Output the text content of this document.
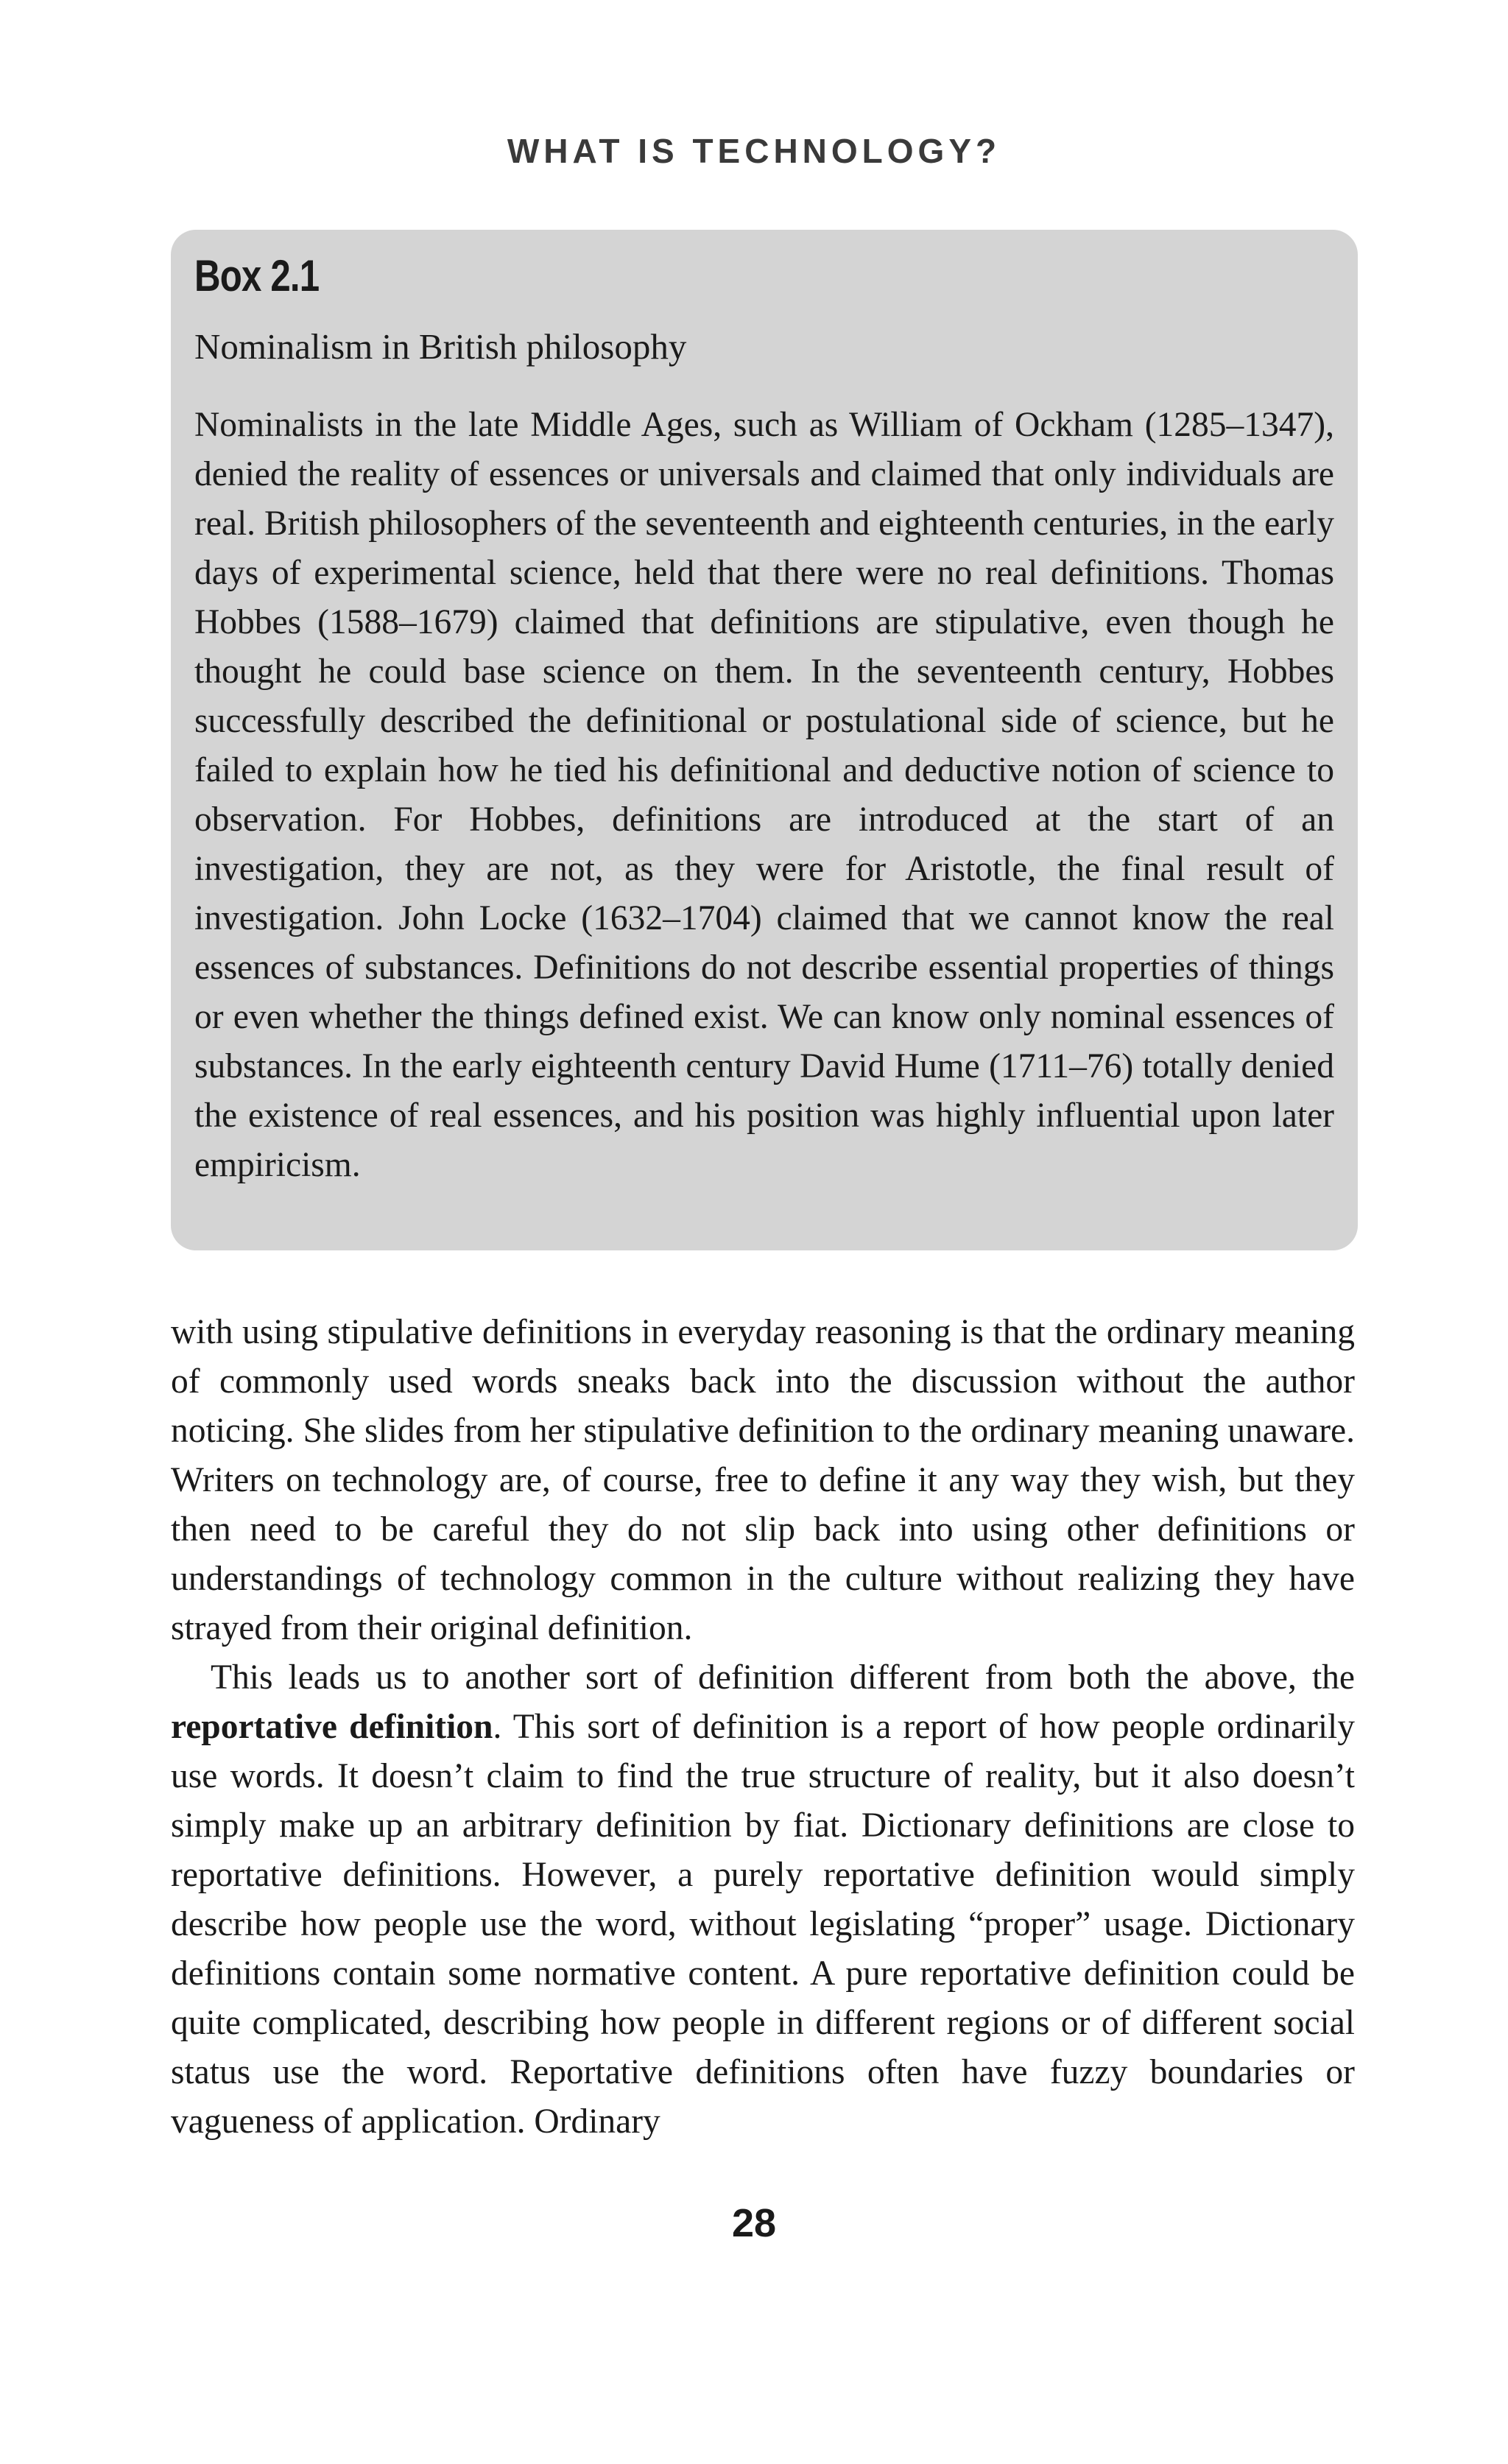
WHAT IS TECHNOLOGY?
Box 2.1
Nominalism in British philosophy

Nominalists in the late Middle Ages, such as William of Ockham (1285–1347), denied the reality of essences or universals and claimed that only individuals are real. British philosophers of the seventeenth and eighteenth centuries, in the early days of experimental science, held that there were no real definitions. Thomas Hobbes (1588–1679) claimed that definitions are stipulative, even though he thought he could base science on them. In the seventeenth century, Hobbes successfully described the definitional or postulational side of science, but he failed to explain how he tied his definitional and deductive notion of science to observation. For Hobbes, definitions are introduced at the start of an investigation, they are not, as they were for Aristotle, the final result of investigation. John Locke (1632–1704) claimed that we cannot know the real essences of substances. Definitions do not describe essential properties of things or even whether the things defined exist. We can know only nominal essences of substances. In the early eighteenth century David Hume (1711–76) totally denied the existence of real essences, and his position was highly influential upon later empiricism.

with using stipulative definitions in everyday reasoning is that the ordinary meaning of commonly used words sneaks back into the discussion without the author noticing. She slides from her stipulative definition to the ordinary meaning unaware. Writers on technology are, of course, free to define it any way they wish, but they then need to be careful they do not slip back into using other definitions or understandings of technology common in the culture without realizing they have strayed from their original definition.

This leads us to another sort of definition different from both the above, the reportative definition. This sort of definition is a report of how people ordinarily use words. It doesn’t claim to find the true structure of reality, but it also doesn’t simply make up an arbitrary definition by fiat. Dictionary definitions are close to reportative definitions. However, a purely reportative definition would simply describe how people use the word, without legislating “proper” usage. Dictionary definitions contain some normative content. A pure reportative definition could be quite complicated, describing how people in different regions or of different social status use the word. Reportative definitions often have fuzzy boundaries or vagueness of application. Ordinary

28
